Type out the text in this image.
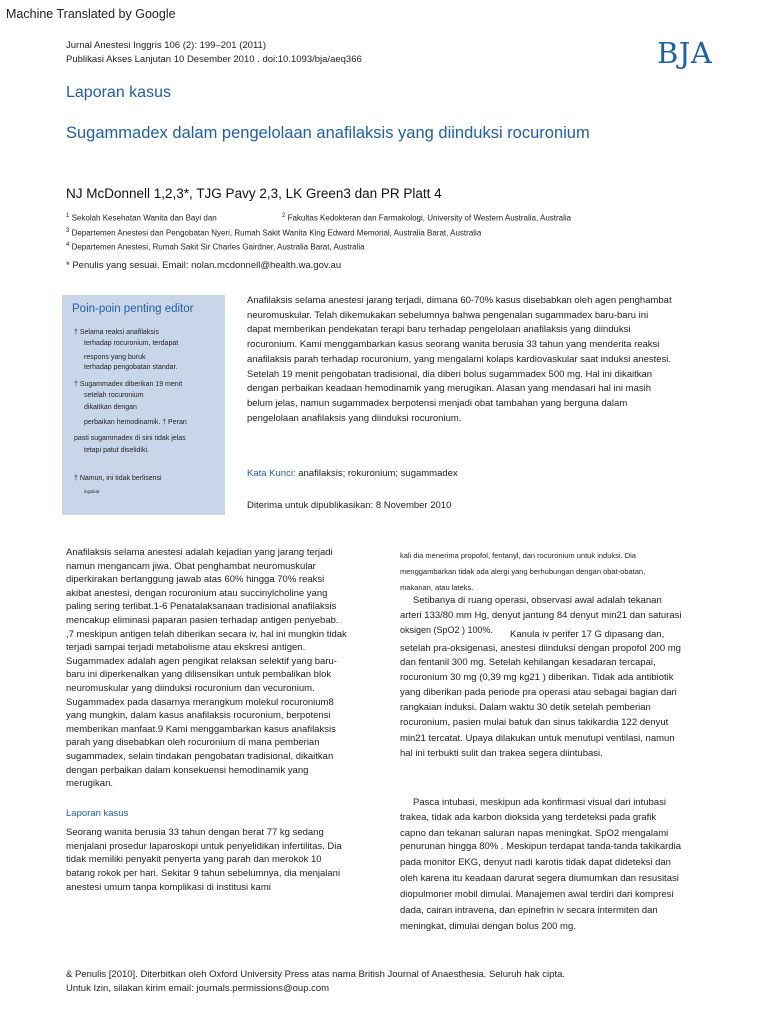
Machine Translated by Google
Jurnal Anestesi Inggris 106 (2): 199–201 (2011)
Publikasi Akses Lanjutan 10 Desember 2010 . doi:10.1093/bja/aeq366	BJA
Laporan kasus
Sugammadex dalam pengelolaan anafilaksis yang diinduksi rocuronium
NJ McDonnell 1,2,3*, TJG Pavy 2,3, LK Green3 dan PR Platt 4
$^1$ Sekolah Kesehatan Wanita dan Bayi dan	$^2$ Fakultas Kedokteran dan Farmakologi, University of Western Australia, Australia
$^3$ Departemen Anestesi dan Pengobatan Nyeri, Rumah Sakit Wanita King Edward Memorial, Australia Barat, Australia
$^4$ Departemen Anestesi, Rumah Sakit Sir Charles Gairdner, Australia Barat, Australia
* Penulis yang sesuai. Email: nolan.mcdonnell@health.wa.gov.au
Poin-poin penting editor
† Selama reaksi anafilaksis
terhadap rocuronium, terdapat
respons yang buruk
terhadap pengobatan standar.
† Sugammadex diberikan 19 menit
setelah rocuronium
dikaitkan dengan
perbaikan hemodinamik. † Peran
pasti sugammadex di sini tidak jelas
tetapi patut diselidiki.
† Namun, ini tidak berlisensi
ingsikat

Anafilaksis selama anestesi jarang terjadi, dimana 60-70% kasus disebabkan oleh agen penghambat

neuromuskular. Telah dikemukakan sebelumnya bahwa pengenalan sugammadex baru-baru ini

dapat memberikan pendekatan terapi baru terhadap pengelolaan anafilaksis yang diinduksi

rocuronium. Kami menggambarkan kasus seorang wanita berusia 33 tahun yang menderita reaksi

anafilaksis parah terhadap rocuronium, yang mengalami kolaps kardiovaskular saat induksi anestesi.

Setelah 19 menit pengobatan tradisional, dia diberi bolus sugammadex 500 mg. Hal ini dikaitkan

dengan perbaikan keadaan hemodinamik yang merugikan. Alasan yang mendasari hal ini masih

belum jelas, namun sugammadex berpotensi menjadi obat tambahan yang berguna dalam

pengelolaan anafilaksis yang diinduksi rocuronium.

Kata Kunci: anafilaksis; rokuronium; sugammadex
Diterima untuk dipublikasikan: 8 November 2010
Anafilaksis selama anestesi adalah kejadian yang jarang terjadi
namun mengancam jiwa. Obat penghambat neuromuskular
diperkirakan bertanggung jawab atas 60% hingga 70% reaksi
akibat anestesi, dengan rocuronium atau succinylcholine yang
paling sering terlibat.1-6 Penatalaksanaan tradisional anafilaksis
mencakup eliminasi paparan pasien terhadap antigen penyebab.
,7 meskipun antigen telah diberikan secara iv, hal ini mungkin tidak
terjadi sampai terjadi metabolisme atau ekskresi antigen.
Sugammadex adalah agen pengikat relaksan selektif yang baru-
baru ini diperkenalkan yang dilisensikan untuk pembalikan blok
neuromuskular yang diinduksi rocuronium dan vecuronium.
Sugammadex pada dasarnya merangkum molekul rocuronium8
yang mungkin, dalam kasus anafilaksis rocuronium, berpotensi
memberikan manfaat.9 Kami menggambarkan kasus anafilaksis
parah yang disebabkan oleh rocuronium di mana pemberian
sugammadex, selain tindakan pengobatan tradisional, dikaitkan
dengan perbaikan dalam konsekuensi hemodinamik yang
merugikan.
Laporan kasus
Seorang wanita berusia 33 tahun dengan berat 77 kg sedang
menjalani prosedur laparoskopi untuk penyelidikan infertilitas. Dia
tidak memiliki penyakit penyerta yang parah dan merokok 10
batang rokok per hari. Sekitar 9 tahun sebelumnya, dia menjalani
anestesi umum tanpa komplikasi di institusi kami
kali dia menerima propofol, fentanyl, dan rocuronium untuk induksi. Dia
menggambarkan tidak ada alergi yang berhubungan dengan obat-obatan,
makanan, atau lateks.
Setibanya di ruang operasi, observasi awal adalah tekanan
arteri 133/80 mm Hg, denyut jantung 84 denyut min21 dan saturasi
oksigen (SpO2 ) 100%. Kanula iv perifer 17 G dipasang dan,
setelah pra-oksigenasi, anestesi diinduksi dengan propofol 200 mg
dan fentanil 300 mg. Setelah kehilangan kesadaran tercapai,
rocuronium 30 mg (0,39 mg kg21 ) diberikan. Tidak ada antibiotik
yang diberikan pada periode pra operasi atau sebagai bagian dari
rangkaian induksi. Dalam waktu 30 detik setelah pemberian
rocuronium, pasien mulai batuk dan sinus takikardia 122 denyut
min21 tercatat. Upaya dilakukan untuk menutupi ventilasi, namun
hal ini terbukti sulit dan trakea segera diintubasi.
Pasca intubasi, meskipun ada konfirmasi visual dari intubasi
trakea, tidak ada karbon dioksida yang terdeteksi pada grafik
capno dan tekanan saluran napas meningkat. SpO2 mengalami
penurunan hingga 80% . Meskipun terdapat tanda-tanda takikardia
pada monitor EKG, denyut nadi karotis tidak dapat dideteksi dan
oleh karena itu keadaan darurat segera diumumkan dan resusitasi
diopulmoner mobil dimulai. Manajemen awal terdiri dari kompresi
dada, cairan intravena, dan epinefrin iv secara intermiten dan
meningkat, dimulai dengan bolus 200 mg.
& Penulis [2010]. Diterbitkan oleh Oxford University Press atas nama British Journal of Anaesthesia. Seluruh hak cipta.
Untuk Izin, silakan kirim email: journals.permissions@oup.com
